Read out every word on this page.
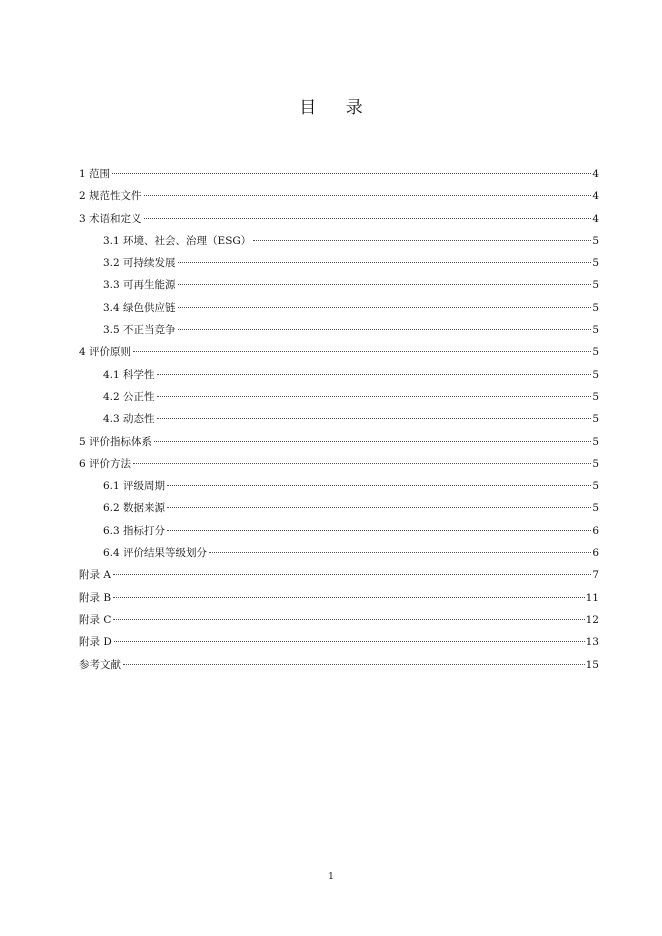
目 录
1 范围	4
2 规范性文件	4
3 术语和定义	4
3.1 环境、社会、治理（ESG）	5
3.2 可持续发展	5
3.3 可再生能源	5
3.4 绿色供应链	5
3.5 不正当竞争	5
4 评价原则	5
4.1 科学性	5
4.2 公正性	5
4.3 动态性	5
5 评价指标体系	5
6 评价方法	5
6.1 评级周期	5
6.2 数据来源	5
6.3 指标打分	6
6.4 评价结果等级划分	6
附录 A	7
附录 B	11
附录 C	12
附录 D	13
参考文献	15
1
